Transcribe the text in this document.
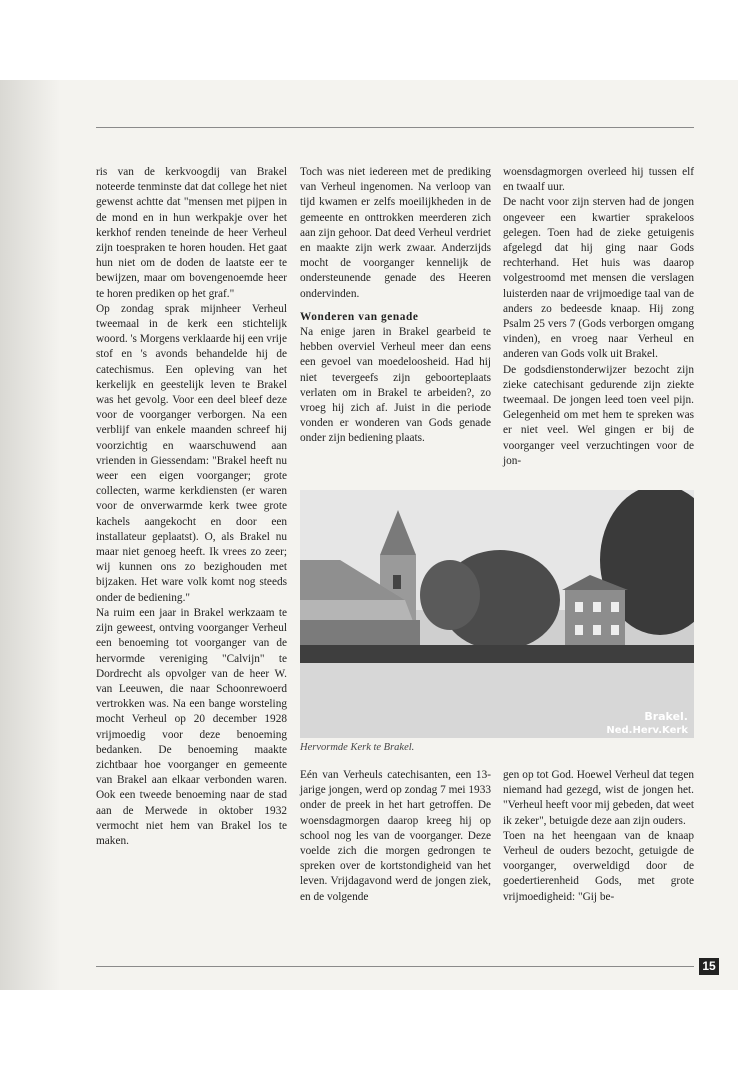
ris van de kerkvoogdij van Brakel noteerde tenminste dat dat college het niet gewenst achtte dat "mensen met pijpen in de mond en in hun werkpakje over het kerkhof renden teneinde de heer Verheul zijn toespraken te horen houden. Het gaat hun niet om de doden de laatste eer te bewijzen, maar om bovengenoemde heer te horen prediken op het graf."

Op zondag sprak mijnheer Verheul tweemaal in de kerk een stichtelijk woord. 's Morgens verklaarde hij een vrije stof en 's avonds behandelde hij de catechismus. Een opleving van het kerkelijk en geestelijk leven te Brakel was het gevolg. Voor een deel bleef deze voor de voorganger verborgen. Na een verblijf van enkele maanden schreef hij voorzichtig en waarschuwend aan vrienden in Giessendam: "Brakel heeft nu weer een eigen voorganger; grote collecten, warme kerkdiensten (er waren voor de onverwarmde kerk twee grote kachels aangekocht en door een installateur geplaatst). O, als Brakel nu maar niet genoeg heeft. Ik vrees zo zeer; wij kunnen ons zo bezighouden met bijzaken. Het ware volk komt nog steeds onder de bediening."

Na ruim een jaar in Brakel werkzaam te zijn geweest, ontving voorganger Verheul een benoeming tot voorganger van de hervormde vereniging "Calvijn" te Dordrecht als opvolger van de heer W. van Leeuwen, die naar Schoonrewoerd vertrokken was. Na een bange worsteling mocht Verheul op 20 december 1928 vrijmoedig voor deze benoeming bedanken. De benoeming maakte zichtbaar hoe voorganger en gemeente van Brakel aan elkaar verbonden waren. Ook een tweede benoeming naar de stad aan de Merwede in oktober 1932 vermocht niet hem van Brakel los te maken.

Toch was niet iedereen met de prediking van Verheul ingenomen. Na verloop van tijd kwamen er zelfs moeilijkheden in de gemeente en onttrokken meerderen zich aan zijn gehoor. Dat deed Verheul verdriet en maakte zijn werk zwaar. Anderzijds mocht de voorganger kennelijk de ondersteunende genade des Heeren ondervinden.

Wonderen van genade

Na enige jaren in Brakel gearbeid te hebben overviel Verheul meer dan eens een gevoel van moedeloosheid. Had hij niet tevergeefs zijn geboorteplaats verlaten om in Brakel te arbeiden?, zo vroeg hij zich af. Juist in die periode vonden er wonderen van Gods genade onder zijn bediening plaats.

woensdagmorgen overleed hij tussen elf en twaalf uur.

De nacht voor zijn sterven had de jongen ongeveer een kwartier sprakeloos gelegen. Toen had de zieke getuigenis afgelegd dat hij ging naar Gods rechterhand. Het huis was daarop volgestroomd met mensen die verslagen luisterden naar de vrijmoedige taal van de anders zo bedeesde knaap. Hij zong Psalm 25 vers 7 (Gods verborgen omgang vinden), en vroeg naar Verheul en anderen van Gods volk uit Brakel.

De godsdienstonderwijzer bezocht zijn zieke catechisant gedurende zijn ziekte tweemaal. De jongen leed toen veel pijn. Gelegenheid om met hem te spreken was er niet veel. Wel gingen er bij de voorganger veel verzuchtingen voor de jon-

Brakel.
Ned.Herv.Kerk
Hervormde Kerk te Brakel.

Eén van Verheuls catechisanten, een 13-jarige jongen, werd op zondag 7 mei 1933 onder de preek in het hart getroffen. De woensdagmorgen daarop kreeg hij op school nog les van de voorganger. Deze voelde zich die morgen gedrongen te spreken over de kortstondigheid van het leven. Vrijdagavond werd de jongen ziek, en de volgende

gen op tot God. Hoewel Verheul dat tegen niemand had gezegd, wist de jongen het. "Verheul heeft voor mij gebeden, dat weet ik zeker", betuigde deze aan zijn ouders.

Toen na het heengaan van de knaap Verheul de ouders bezocht, getuigde de voorganger, overweldigd door de goedertierenheid Gods, met grote vrijmoedigheid: "Gij be-

15
